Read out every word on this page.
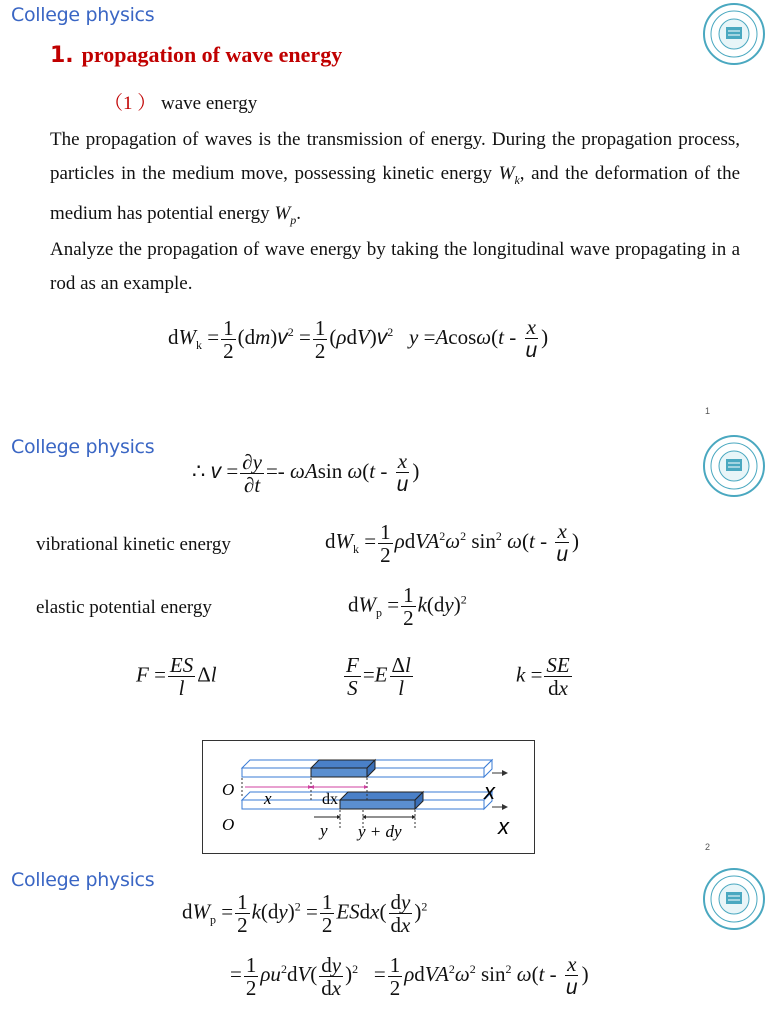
College physics
1. propagation of wave energy
（1 ） wave energy
The propagation of waves is the transmission of energy. During the propagation process, particles in the medium move, possessing kinetic energy $W_k$, and the deformation of the medium has potential energy $W_p$.
Analyze the propagation of wave energy by taking the longitudinal wave propagating in a rod as an example.
$dW_k = \frac{1}{2} (dm)v^2 = \frac{1}{2} (\rho dV)v^2$ $y =Acos\omega(t - \frac{x}{u}$ )
1
College physics
∴ $v = \frac{\partial y}{\partial t} =- \omega Asin$ $\omega(t - \frac{x}{u}$ )
vibrational kinetic energy	$dW_k = \frac{1}{2} \rho dVA^2\omega^2$ $\sin^2 \omega(t - \frac{x}{u}$ )
elastic potential energy	$dW_p = \frac{1}{2} k(dy)^2$
$F = \frac{ES}{l}$ Δl	$\frac{F}{S} =E \frac{\Delta l}{l}$	$k = \frac{SE}{dx}$
O
O
x
x
x	dx
y y + dy
2
College physics
$dW_p = \frac{1}{2} k(dy)^2 = \frac{1}{2}$ ESdx( $\frac{dy}{dx} )^2$
= $\frac{1}{2} \rho u^2dV( \frac{dy}{dx} )^2 = \frac{1}{2} \rho dVA^2\omega^2$ $\sin^2 \omega(t - \frac{x}{u}$ )
